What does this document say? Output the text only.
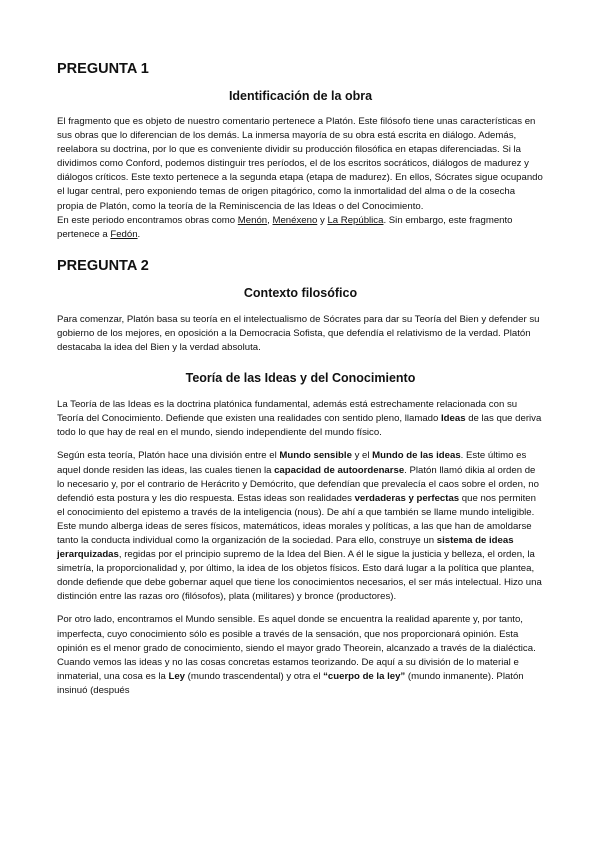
PREGUNTA 1
Identificación de la obra

El fragmento que es objeto de nuestro comentario pertenece a Platón. Este filósofo tiene unas características en sus obras que lo diferencian de los demás. La inmersa mayoría de su obra está escrita en diálogo. Además, reelabora su doctrina, por lo que es conveniente dividir su producción filosófica en etapas diferenciadas. Si la dividimos como Conford, podemos distinguir tres períodos, el de los escritos socráticos, diálogos de madurez y diálogos críticos. Este texto pertenece a la segunda etapa (etapa de madurez). En ellos, Sócrates sigue ocupando el lugar central, pero exponiendo temas de origen pitagórico, como la inmortalidad del alma o de la cosecha propia de Platón, como la teoría de la Reminiscencia de las Ideas o del Conocimiento.
En este periodo encontramos obras como Menón, Menéxeno y La República. Sin embargo, este fragmento pertenece a Fedón.

PREGUNTA 2
Contexto filosófico

Para comenzar, Platón basa su teoría en el intelectualismo de Sócrates para dar su Teoría del Bien y defender su gobierno de los mejores, en oposición a la Democracia Sofista, que defendía el relativismo de la verdad. Platón destacaba la idea del Bien y la verdad absoluta.

Teoría de las Ideas y del Conocimiento

La Teoría de las Ideas es la doctrina platónica fundamental, además está estrechamente relacionada con su Teoría del Conocimiento. Defiende que existen una realidades con sentido pleno, llamado Ideas de las que deriva todo lo que hay de real en el mundo, siendo independiente del mundo físico.

Según esta teoría, Platón hace una división entre el Mundo sensible y el Mundo de las ideas. Este último es aquel donde residen las ideas, las cuales tienen la capacidad de autoordenarse. Platón llamó dikia al orden de lo necesario y, por el contrario de Herácrito y Demócrito, que defendían que prevalecía el caos sobre el orden, no defendió esta postura y les dio respuesta. Estas ideas son realidades verdaderas y perfectas que nos permiten el conocimiento del epistemo a través de la inteligencia (nous). De ahí a que también se llame mundo inteligible. Este mundo alberga ideas de seres físicos, matemáticos, ideas morales y políticas, a las que han de amoldarse tanto la conducta individual como la organización de la sociedad. Para ello, construye un sistema de ideas jerarquizadas, regidas por el principio supremo de la Idea del Bien. A él le sigue la justicia y belleza, el orden, la simetría, la proporcionalidad y, por último, la idea de los objetos físicos. Esto dará lugar a la política que plantea, donde defiende que debe gobernar aquel que tiene los conocimientos necesarios, el ser más intelectual. Hizo una distinción entre las razas oro (filósofos), plata (militares) y bronce (productores).

Por otro lado, encontramos el Mundo sensible. Es aquel donde se encuentra la realidad aparente y, por tanto, imperfecta, cuyo conocimiento sólo es posible a través de la sensación, que nos proporcionará opinión. Esta opinión es el menor grado de conocimiento, siendo el mayor grado Theorein, alcanzado a través de la dialéctica. Cuando vemos las ideas y no las cosas concretas estamos teorizando. De aquí a su división de lo material e inmaterial, una cosa es la Ley (mundo trascendental) y otra el “cuerpo de la ley” (mundo inmanente). Platón insinuó (después
